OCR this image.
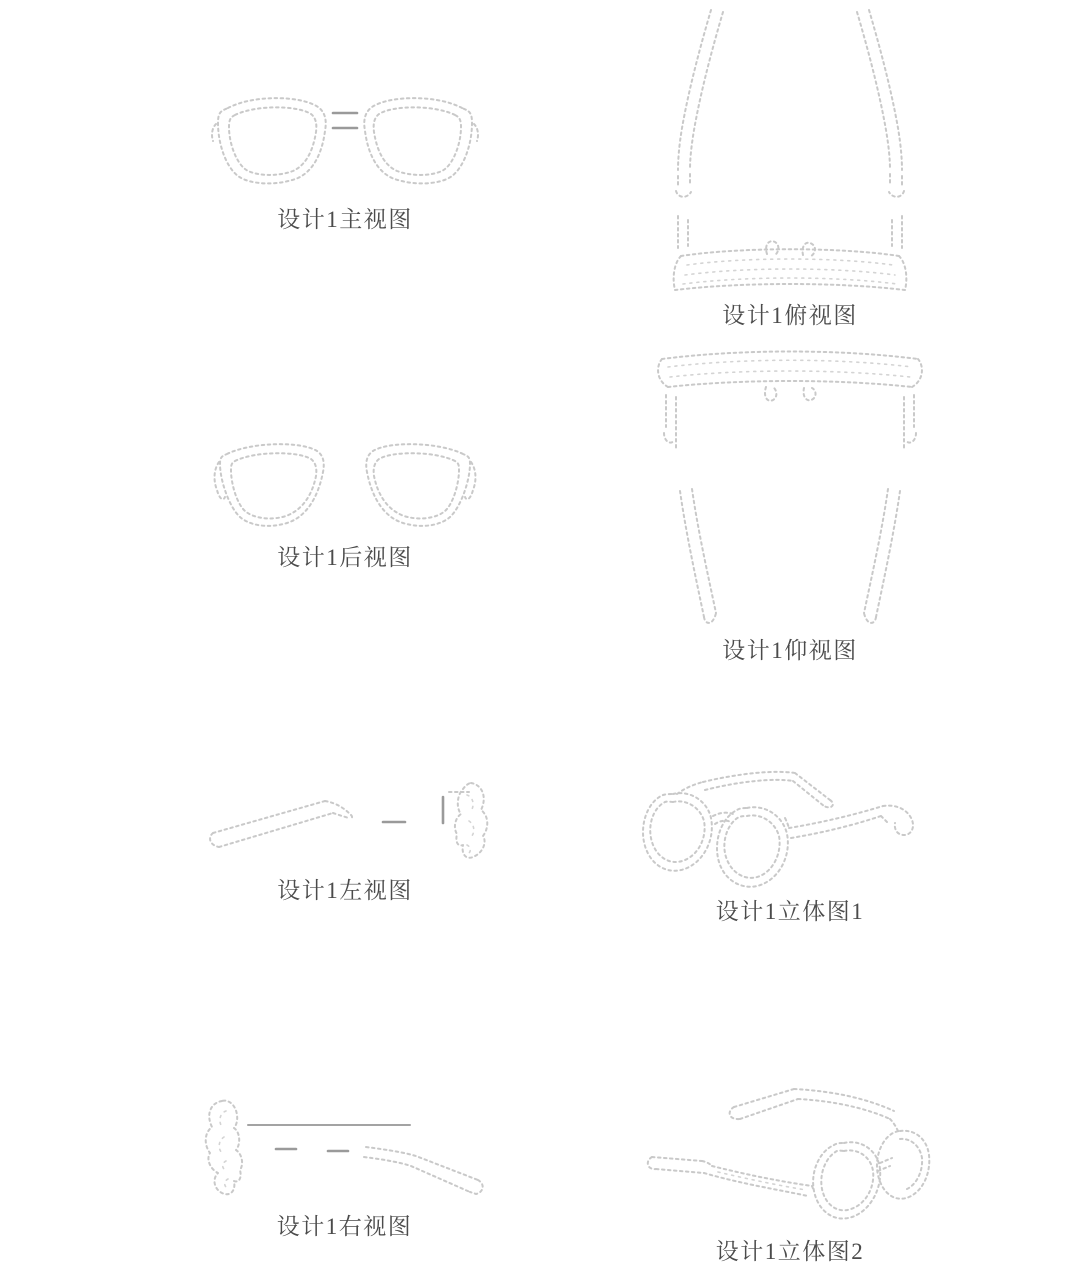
设计1主视图
设计1俯视图
设计1后视图
设计1仰视图
设计1左视图
设计1立体图1
设计1右视图
设计1立体图2
